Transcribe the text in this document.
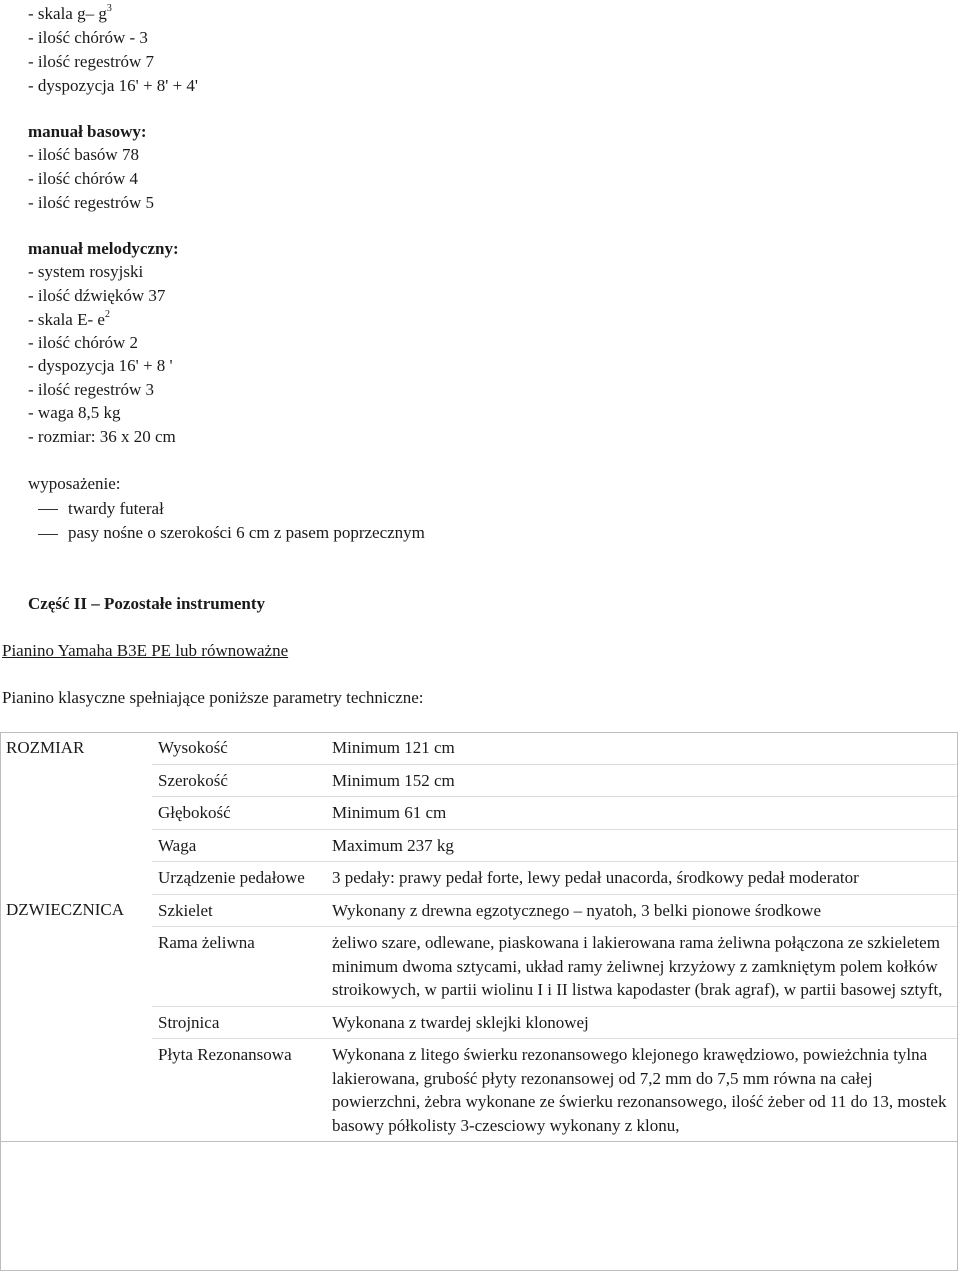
- skala g– $g^3$
- ilość chórów - 3
- ilość regestrów 7
- dyspozycja 16' + 8' + 4'
manuał basowy:
- ilość basów 78
- ilość chórów 4
- ilość regestrów 5
manuał melodyczny:
- system rosyjski
- ilość dźwięków 37
- skala E- $e^2$
- ilość chórów 2
- dyspozycja 16' + 8 '
- ilość regestrów 3
- waga 8,5 kg
- rozmiar: 36 x 20 cm
wyposażenie:
twardy futerał
pasy nośne o szerokości 6 cm z pasem poprzecznym
Część II – Pozostałe instrumenty
Pianino Yamaha B3E PE lub równoważne
Pianino klasyczne spełniające poniższe parametry techniczne:
ROZMIAR	Wysokość	Minimum 121 cm
	Szerokość	Minimum 152 cm
	Głębokość	Minimum 61 cm
	Waga	Maximum 237 kg
	Urządzenie pedałowe	3 pedały: prawy pedał forte, lewy pedał unacorda, środkowy pedał moderator
DZWIECZNICA	Szkielet	Wykonany z drewna egzotycznego – nyatoh, 3 belki pionowe środkowe
	Rama żeliwna	żeliwo szare, odlewane, piaskowana i lakierowana rama żeliwna połączona ze szkieletem minimum dwoma sztycami, układ ramy żeliwnej krzyżowy z zamkniętym polem kołków stroikowych, w partii wiolinu I i II listwa kapodaster (brak agraf), w partii basowej sztyft,
	Strojnica	Wykonana z twardej sklejki klonowej
	Płyta Rezonansowa	Wykonana z litego świerku rezonansowego klejonego krawędziowo, powieżchnia tylna lakierowana, grubość płyty rezonansowej od 7,2 mm do 7,5 mm równa na całej powierzchni, żebra wykonane ze świerku rezonansowego, ilość żeber od 11 do 13, mostek basowy półkolisty 3-czesciowy wykonany z klonu,
